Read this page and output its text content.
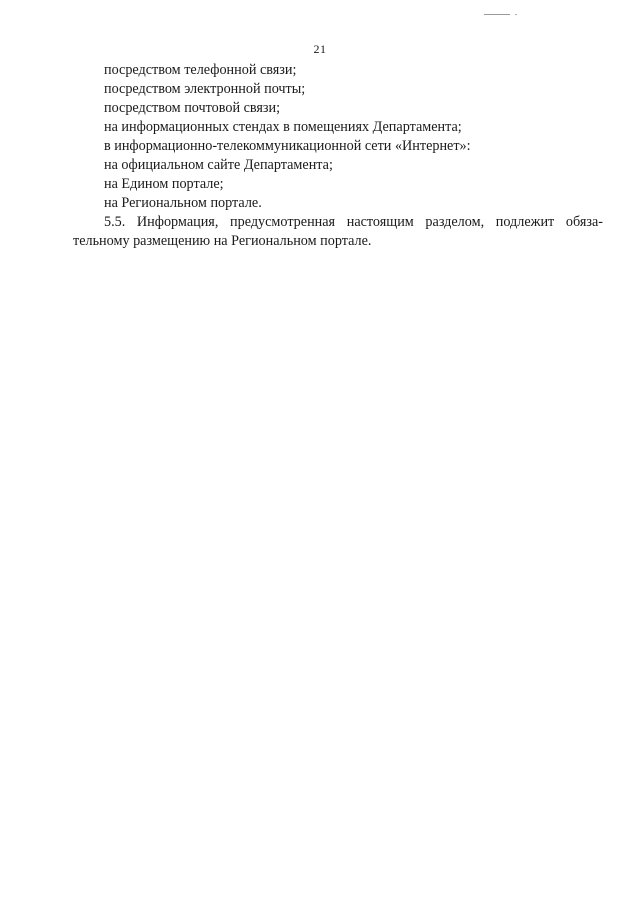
21

посредством телефонной связи;

посредством электронной почты;

посредством почтовой связи;

на информационных стендах в помещениях Департамента;

в информационно-телекоммуникационной сети «Интернет»:

на официальном сайте Департамента;

на Едином портале;

на Региональном портале.

5.5. Информация, предусмотренная настоящим разделом, подлежит обяза-

тельному размещению на Региональном портале.
